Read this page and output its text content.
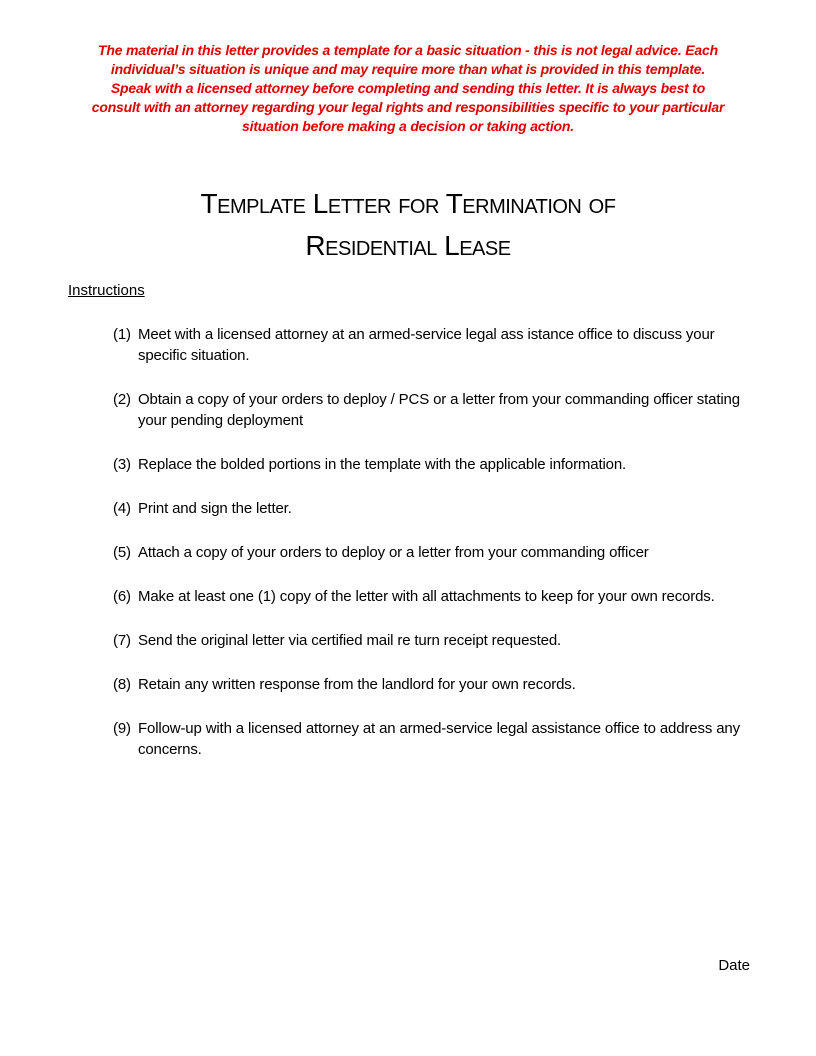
The material in this letter provides a template for a basic situation - this is not legal advice. Each
individual’s situation is unique and may require more than what is provided in this template.
Speak with a licensed attorney before completing and sending this letter. It is always best to
consult with an attorney regarding your legal rights and responsibilities specific to your particular
situation before making a decision or taking action.
Template Letter for Termination of
Residential Lease
Instructions
(1) Meet with a licensed attorney at an armed-service legal ass istance office to discuss your specific situation.
(2) Obtain a copy of your orders to deploy / PCS or a letter from your commanding officer stating your pending deployment
(3) Replace the bolded portions in the template with the applicable information.
(4) Print and sign the letter.
(5) Attach a copy of your orders to deploy or a letter from your commanding officer
(6) Make at least one (1) copy of the letter with all attachments to keep for your own records.
(7) Send the original letter via certified mail re turn receipt requested.
(8) Retain any written response from the landlord for your own records.
(9) Follow-up with a licensed attorney at an armed-service legal assistance office to address any concerns.
Date
